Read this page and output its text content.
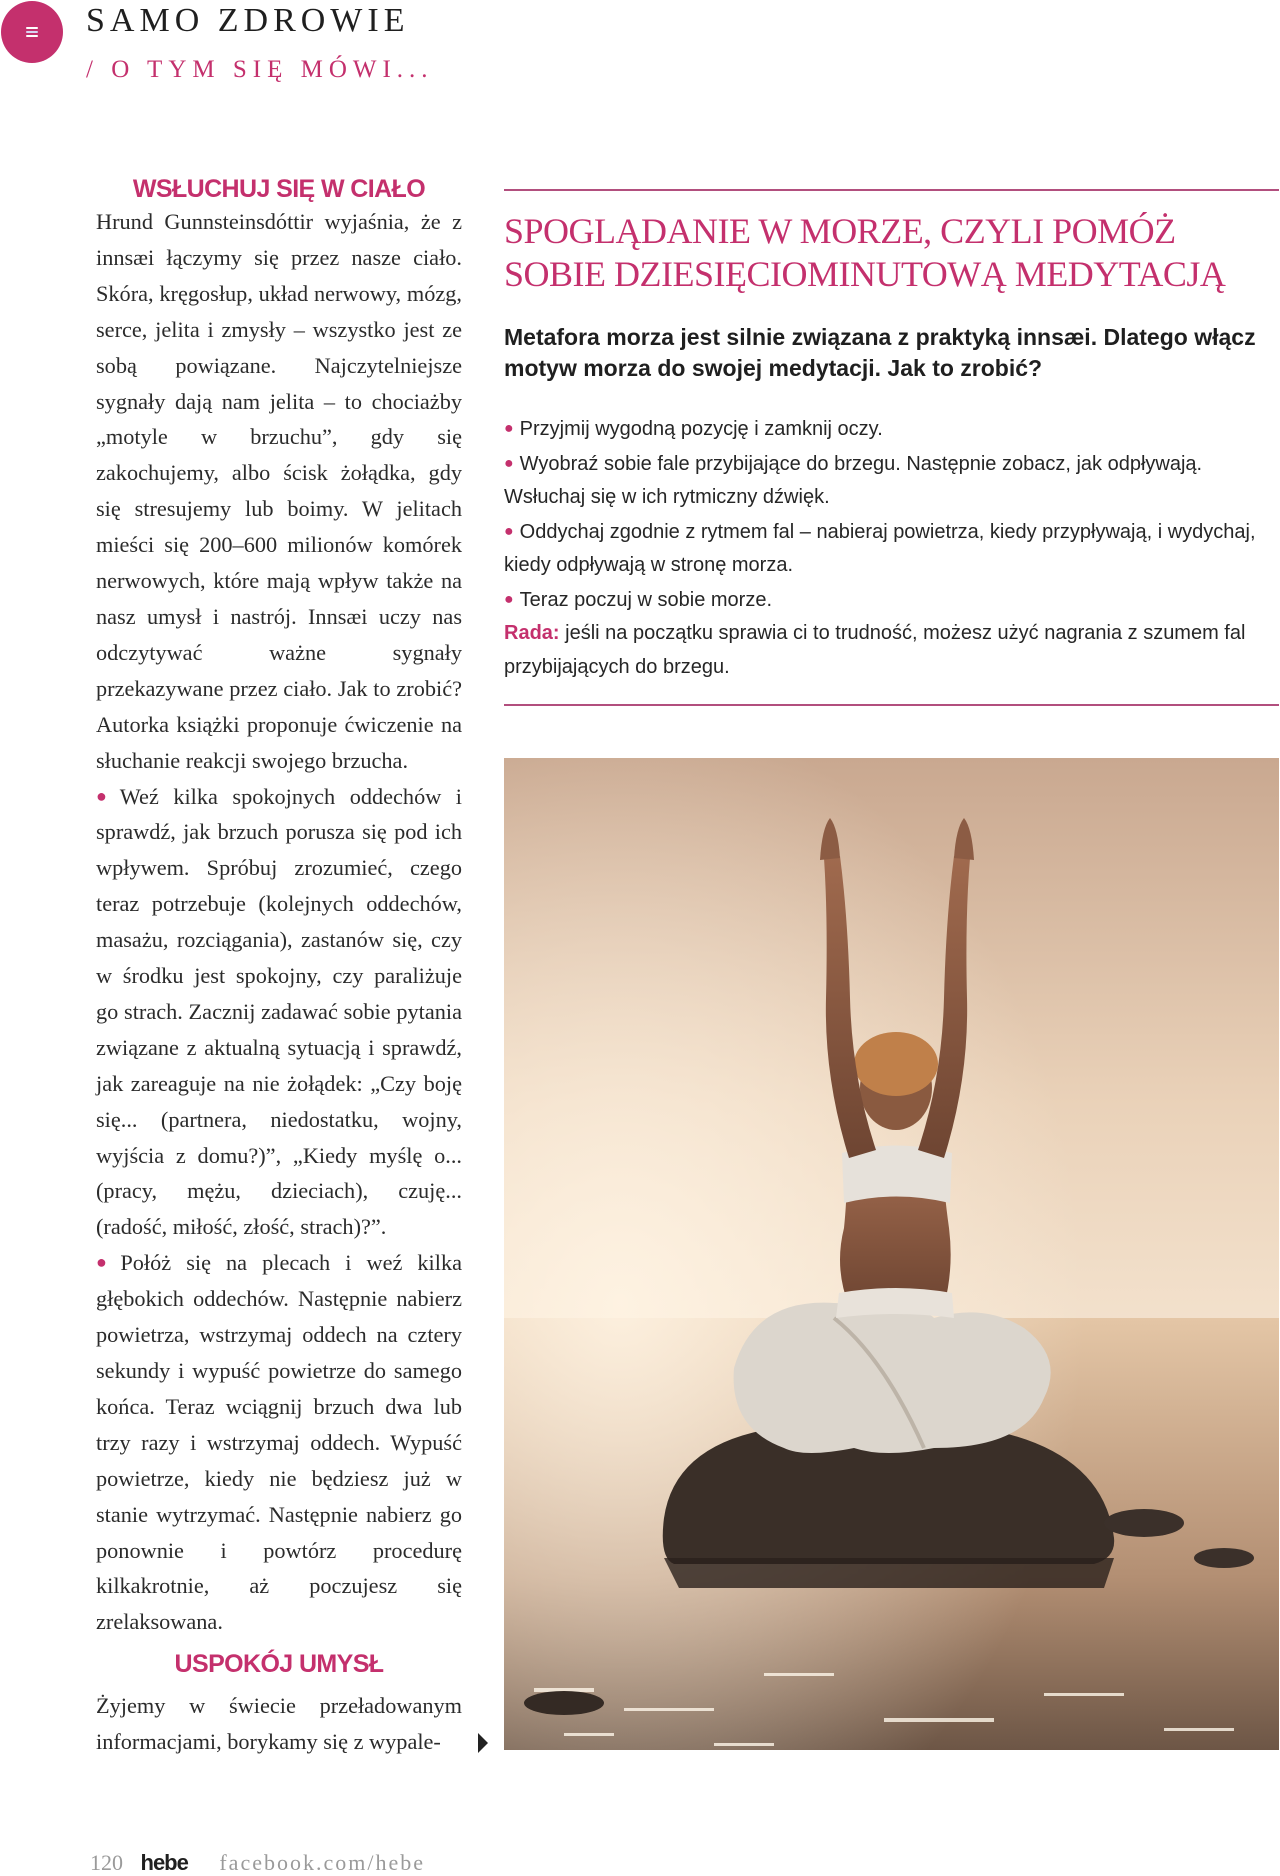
SAMO ZDROWIE
/ O TYM SIĘ MÓWI...
WSŁUCHUJ SIĘ W CIAŁO

Hrund Gunnsteinsdóttir wyjaśnia, że z innsæi łączymy się przez nasze ciało. Skóra, kręgosłup, układ nerwowy, mózg, serce, jelita i zmysły – wszystko jest ze sobą powiązane. Najczytelniejsze sygnały dają nam jelita – to chociażby „motyle w brzuchu”, gdy się zakochujemy, albo ścisk żołądka, gdy się stresujemy lub boimy. W jelitach mieści się 200–600 milionów komórek nerwowych, które mają wpływ także na nasz umysł i nastrój. Innsæi uczy nas odczytywać ważne sygnały przekazywane przez ciało. Jak to zrobić? Autorka książki proponuje ćwiczenie na słuchanie reakcji swojego brzucha.

● Weź kilka spokojnych oddechów i sprawdź, jak brzuch porusza się pod ich wpływem. Spróbuj zrozumieć, czego teraz potrzebuje (kolejnych oddechów, masażu, rozciągania), zastanów się, czy w środku jest spokojny, czy paraliżuje go strach. Zacznij zadawać sobie pytania związane z aktualną sytuacją i sprawdź, jak zareaguje na nie żołądek: „Czy boję się... (partnera, niedostatku, wojny, wyjścia z domu?)”, „Kiedy myślę o... (pracy, mężu, dzieciach), czuję... (radość, miłość, złość, strach)?”.

● Połóż się na plecach i weź kilka głębokich oddechów. Następnie nabierz powietrza, wstrzymaj oddech na cztery sekundy i wypuść powietrze do samego końca. Teraz wciągnij brzuch dwa lub trzy razy i wstrzymaj oddech. Wypuść powietrze, kiedy nie będziesz już w stanie wytrzymać. Następnie nabierz go ponownie i powtórz procedurę kilkakrotnie, aż poczujesz się zrelaksowana.

USPOKÓJ UMYSŁ

Żyjemy w świecie przeładowanym informacjami, borykamy się z wypale-

SPOGLĄDANIE W MORZE, CZYLI POMÓŻ SOBIE DZIESIĘCIOMINUTOWĄ MEDYTACJĄ

Metafora morza jest silnie związana z praktyką innsæi. Dlatego włącz motyw morza do swojej medytacji. Jak to zrobić?

● Przyjmij wygodną pozycję i zamknij oczy.
● Wyobraź sobie fale przybijające do brzegu. Następnie zobacz, jak odpływają. Wsłuchaj się w ich rytmiczny dźwięk.
● Oddychaj zgodnie z rytmem fal – nabieraj powietrza, kiedy przypływają, i wydychaj, kiedy odpływają w stronę morza.
● Teraz poczuj w sobie morze.
Rada: jeśli na początku sprawia ci to trudność, możesz użyć nagrania z szumem fal przybijających do brzegu.
120 hebe facebook.com/hebe
